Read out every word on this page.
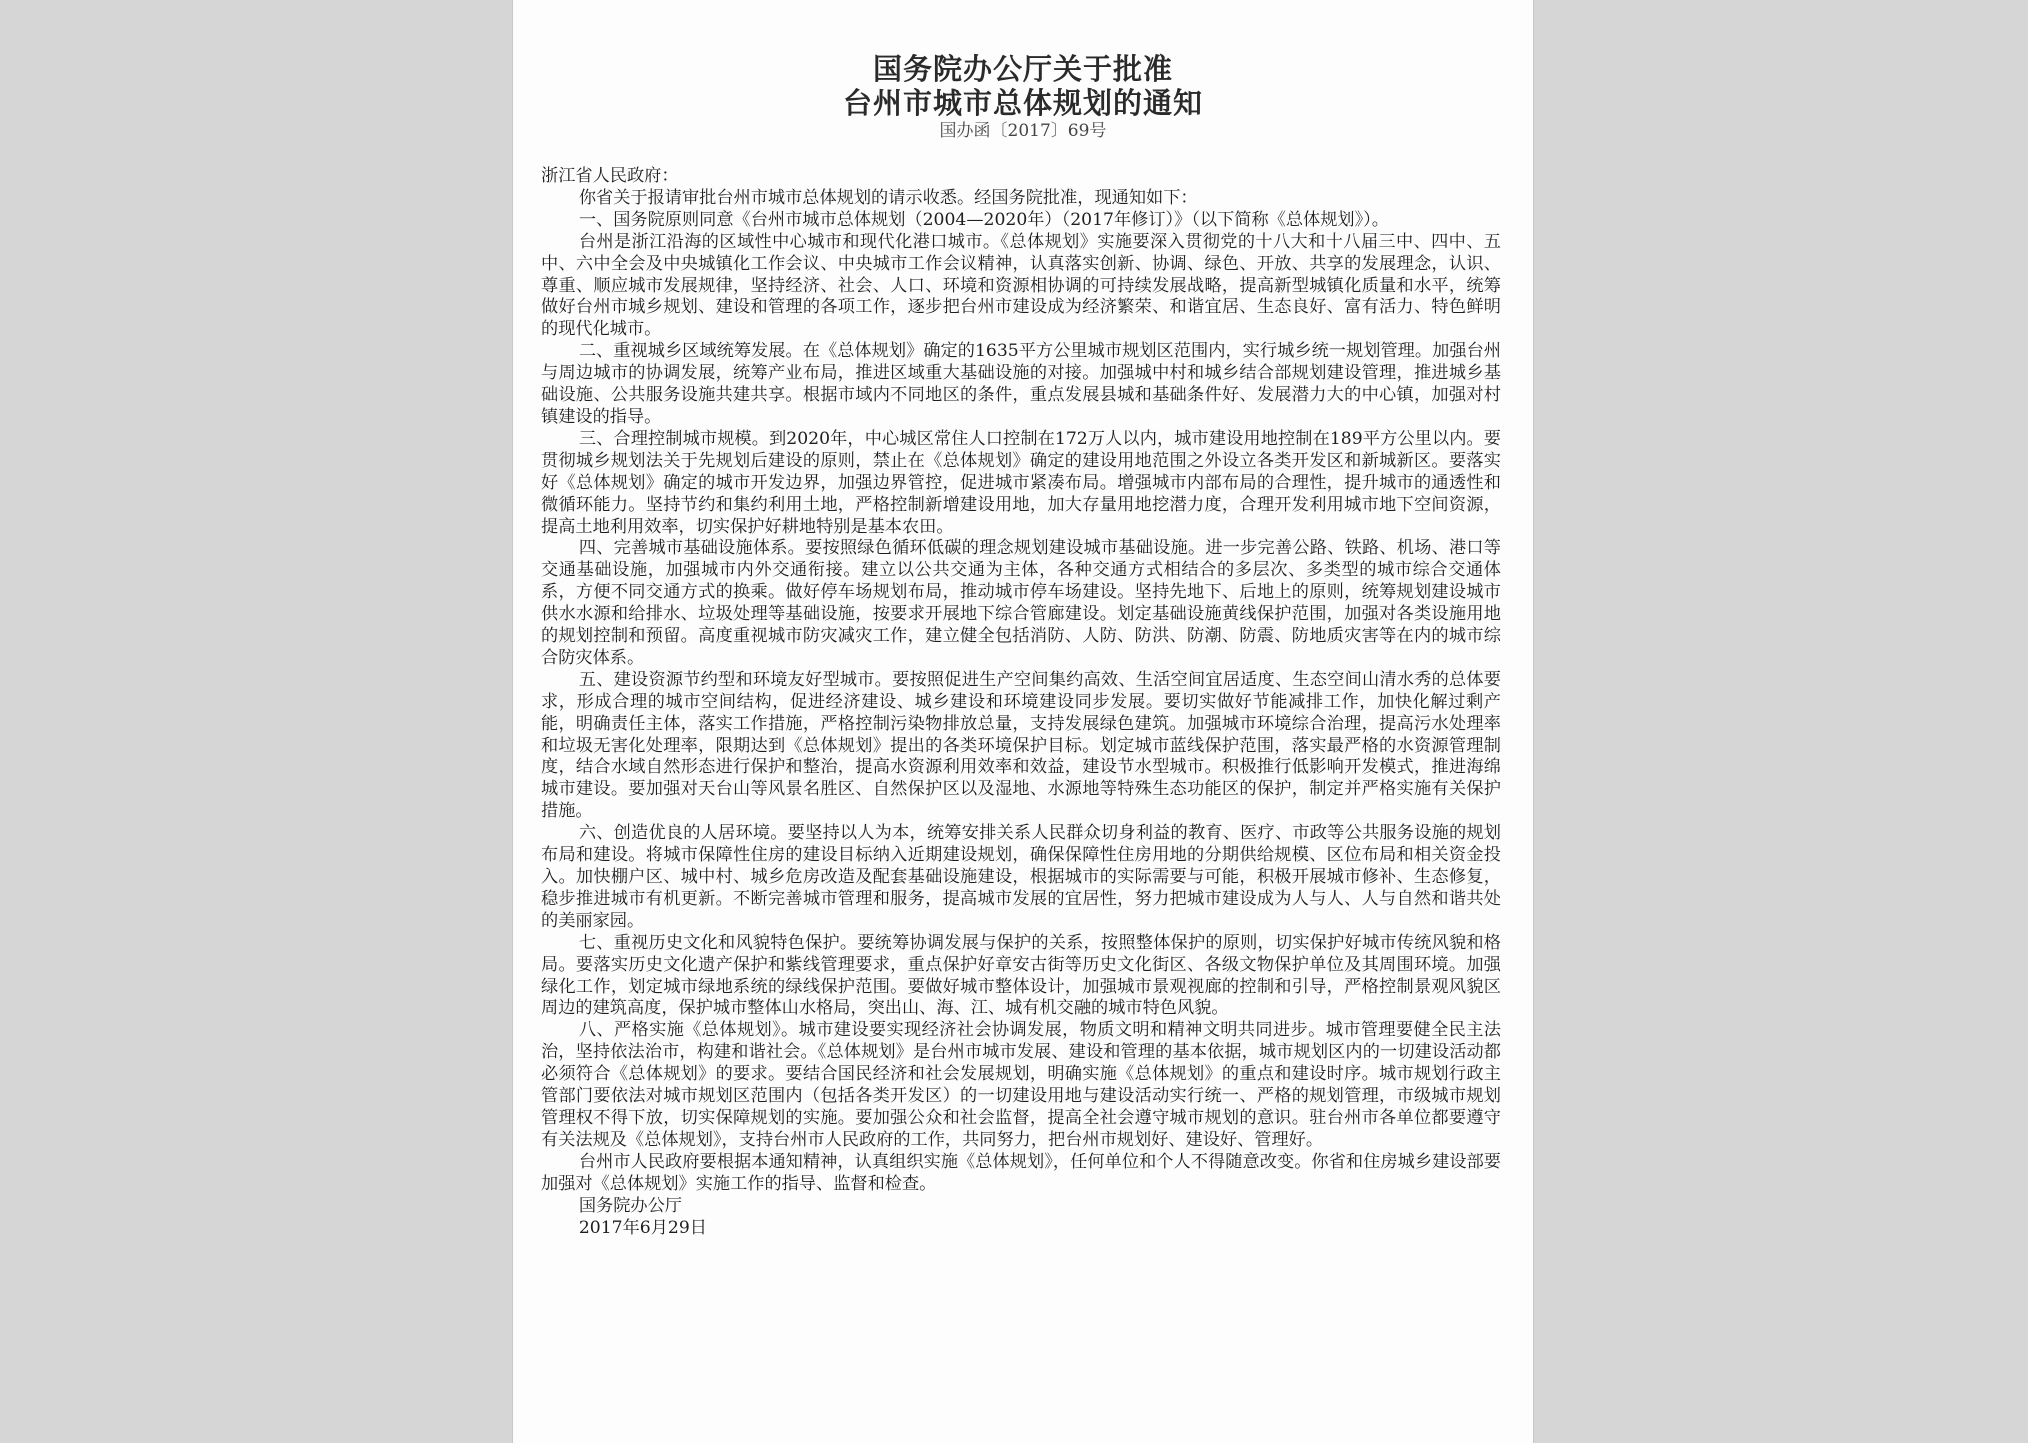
国务院办公厅关于批准
台州市城市总体规划的通知
国办函〔2017〕69号

浙江省人民政府：

你省关于报请审批台州市城市总体规划的请示收悉。经国务院批准，现通知如下：

一、国务院原则同意《台州市城市总体规划（2004—2020年）（2017年修订）》（以下简称《总体规划》）。

台州是浙江沿海的区域性中心城市和现代化港口城市。《总体规划》实施要深入贯彻党的十八大和十八届三中、四中、五中、六中全会及中央城镇化工作会议、中央城市工作会议精神，认真落实创新、协调、绿色、开放、共享的发展理念，认识、尊重、顺应城市发展规律，坚持经济、社会、人口、环境和资源相协调的可持续发展战略，提高新型城镇化质量和水平，统筹做好台州市城乡规划、建设和管理的各项工作，逐步把台州市建设成为经济繁荣、和谐宜居、生态良好、富有活力、特色鲜明的现代化城市。

二、重视城乡区域统筹发展。在《总体规划》确定的1635平方公里城市规划区范围内，实行城乡统一规划管理。加强台州与周边城市的协调发展，统筹产业布局，推进区域重大基础设施的对接。加强城中村和城乡结合部规划建设管理，推进城乡基础设施、公共服务设施共建共享。根据市域内不同地区的条件，重点发展县城和基础条件好、发展潜力大的中心镇，加强对村镇建设的指导。

三、合理控制城市规模。到2020年，中心城区常住人口控制在172万人以内，城市建设用地控制在189平方公里以内。要贯彻城乡规划法关于先规划后建设的原则，禁止在《总体规划》确定的建设用地范围之外设立各类开发区和新城新区。要落实好《总体规划》确定的城市开发边界，加强边界管控，促进城市紧凑布局。增强城市内部布局的合理性，提升城市的通透性和微循环能力。坚持节约和集约利用土地，严格控制新增建设用地，加大存量用地挖潜力度，合理开发利用城市地下空间资源，提高土地利用效率，切实保护好耕地特别是基本农田。

四、完善城市基础设施体系。要按照绿色循环低碳的理念规划建设城市基础设施。进一步完善公路、铁路、机场、港口等交通基础设施，加强城市内外交通衔接。建立以公共交通为主体，各种交通方式相结合的多层次、多类型的城市综合交通体系，方便不同交通方式的换乘。做好停车场规划布局，推动城市停车场建设。坚持先地下、后地上的原则，统筹规划建设城市供水水源和给排水、垃圾处理等基础设施，按要求开展地下综合管廊建设。划定基础设施黄线保护范围，加强对各类设施用地的规划控制和预留。高度重视城市防灾减灾工作，建立健全包括消防、人防、防洪、防潮、防震、防地质灾害等在内的城市综合防灾体系。

五、建设资源节约型和环境友好型城市。要按照促进生产空间集约高效、生活空间宜居适度、生态空间山清水秀的总体要求，形成合理的城市空间结构，促进经济建设、城乡建设和环境建设同步发展。要切实做好节能减排工作，加快化解过剩产能，明确责任主体，落实工作措施，严格控制污染物排放总量，支持发展绿色建筑。加强城市环境综合治理，提高污水处理率和垃圾无害化处理率，限期达到《总体规划》提出的各类环境保护目标。划定城市蓝线保护范围，落实最严格的水资源管理制度，结合水域自然形态进行保护和整治，提高水资源利用效率和效益，建设节水型城市。积极推行低影响开发模式，推进海绵城市建设。要加强对天台山等风景名胜区、自然保护区以及湿地、水源地等特殊生态功能区的保护，制定并严格实施有关保护措施。

六、创造优良的人居环境。要坚持以人为本，统筹安排关系人民群众切身利益的教育、医疗、市政等公共服务设施的规划布局和建设。将城市保障性住房的建设目标纳入近期建设规划，确保保障性住房用地的分期供给规模、区位布局和相关资金投入。加快棚户区、城中村、城乡危房改造及配套基础设施建设，根据城市的实际需要与可能，积极开展城市修补、生态修复，稳步推进城市有机更新。不断完善城市管理和服务，提高城市发展的宜居性，努力把城市建设成为人与人、人与自然和谐共处的美丽家园。

七、重视历史文化和风貌特色保护。要统筹协调发展与保护的关系，按照整体保护的原则，切实保护好城市传统风貌和格局。要落实历史文化遗产保护和紫线管理要求，重点保护好章安古街等历史文化街区、各级文物保护单位及其周围环境。加强绿化工作，划定城市绿地系统的绿线保护范围。要做好城市整体设计，加强城市景观视廊的控制和引导，严格控制景观风貌区周边的建筑高度，保护城市整体山水格局，突出山、海、江、城有机交融的城市特色风貌。

八、严格实施《总体规划》。城市建设要实现经济社会协调发展，物质文明和精神文明共同进步。城市管理要健全民主法治，坚持依法治市，构建和谐社会。《总体规划》是台州市城市发展、建设和管理的基本依据，城市规划区内的一切建设活动都必须符合《总体规划》的要求。要结合国民经济和社会发展规划，明确实施《总体规划》的重点和建设时序。城市规划行政主管部门要依法对城市规划区范围内（包括各类开发区）的一切建设用地与建设活动实行统一、严格的规划管理，市级城市规划管理权不得下放，切实保障规划的实施。要加强公众和社会监督，提高全社会遵守城市规划的意识。驻台州市各单位都要遵守有关法规及《总体规划》，支持台州市人民政府的工作，共同努力，把台州市规划好、建设好、管理好。

台州市人民政府要根据本通知精神，认真组织实施《总体规划》，任何单位和个人不得随意改变。你省和住房城乡建设部要加强对《总体规划》实施工作的指导、监督和检查。

国务院办公厅

2017年6月29日
